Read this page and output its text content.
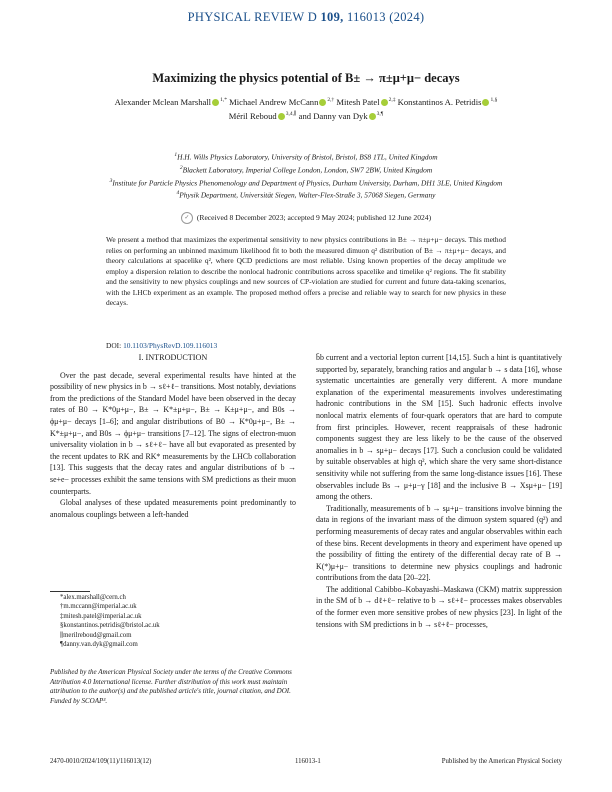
PHYSICAL REVIEW D 109, 116013 (2024)
Maximizing the physics potential of B± → π±μ+μ− decays
Alexander Mclean Marshall $^{1,*}$ Michael Andrew McCann $^{2,\dagger}$ Mitesh Patel $^{2,\ddagger}$ Konstantinos A. Petridis $^{1,\S}$
Méril Reboud $^{3,4,\parallel}$ and Danny van Dyk $^{3,\P}$
$^1$H.H. Wills Physics Laboratory, University of Bristol, Bristol, BS8 1TL, United Kingdom
$^2$Blackett Laboratory, Imperial College London, London, SW7 2BW, United Kingdom
$^3$Institute for Particle Physics Phenomenology and Department of Physics, Durham University, Durham, DH1 3LE, United Kingdom
$^4$Physik Department, Universität Siegen, Walter-Flex-Straße 3, 57068 Siegen, Germany
✓ (Received 8 December 2023; accepted 9 May 2024; published 12 June 2024)
We present a method that maximizes the experimental sensitivity to new physics contributions in B± → π±μ+μ− decays. This method relies on performing an unbinned maximum likelihood fit to both the measured dimuon q² distribution of B± → π±μ+μ− decays, and theory calculations at spacelike q², where QCD predictions are most reliable. Using known properties of the decay amplitude we employ a dispersion relation to describe the nonlocal hadronic contributions across spacelike and timelike q² regions. The fit stability and the sensitivity to new physics couplings and new sources of CP-violation are studied for current and future data-taking scenarios, with the LHCb experiment as an example. The proposed method offers a precise and reliable way to search for new physics in these decays.
DOI: 10.1103/PhysRevD.109.116013
I. INTRODUCTION

Over the past decade, several experimental results have hinted at the possibility of new physics in b → sℓ+ℓ− transitions. Most notably, deviations from the predictions of the Standard Model have been observed in the decay rates of B0 → K*0μ+μ−, B± → K*±μ+μ−, B± → K±μ+μ−, and B0s → ϕμ+μ− decays [1–6]; and angular distributions of B0 → K*0μ+μ−, B± → K*±μ+μ−, and B0s → ϕμ+μ− transitions [7–12]. The signs of electron-muon universality violation in b → sℓ+ℓ− have all but evaporated as presented by the recent updates to RK and RK* measurements by the LHCb collaboration [13]. This suggests that the decay rates and angular distributions of b → se+e− processes exhibit the same tensions with SM predictions as their muon counterparts.

Global analyses of these updated measurements point predominantly to anomalous couplings between a left-handed

b̄b current and a vectorial lepton current [14,15]. Such a hint is quantitatively supported by, separately, branching ratios and angular b → s data [16], whose systematic uncertainties are generally very different. A more mundane explanation of the experimental measurements involves underestimating hadronic contributions in the SM [15]. Such hadronic effects involve nonlocal matrix elements of four-quark operators that are hard to compute from first principles. However, recent reappraisals of these hadronic components suggest they are less likely to be the cause of the observed anomalies in b → sμ+μ− decays [17]. Such a conclusion could be validated by suitable observables at high q², which share the very same short-distance sensitivity while not suffering from the same long-distance issues [16]. These observables include Bs → μ+μ−γ [18] and the inclusive B → Xsμ+μ− [19] among the others.

Traditionally, measurements of b → sμ+μ− transitions involve binning the data in regions of the invariant mass of the dimuon system squared (q²) and performing measurements of decay rates and angular observables within each of these bins. Recent developments in theory and experiment have opened up the possibility of fitting the entirety of the differential decay rate of B → K(*)μ+μ− transitions to determine new physics couplings and hadronic contributions from the data [20–22].

The additional Cabibbo–Kobayashi–Maskawa (CKM) matrix suppression in the SM of b → dℓ+ℓ− relative to b → sℓ+ℓ− processes makes observables of the former even more sensitive probes of new physics [23]. In light of the tensions with SM predictions in b → sℓ+ℓ− processes,

*alex.marshall@cern.ch
†m.mccann@imperial.ac.uk
‡mitesh.patel@imperial.ac.uk
§konstantinos.petridis@bristol.ac.uk
∥merilreboud@gmail.com
¶danny.van.dyk@gmail.com
Published by the American Physical Society under the terms of the Creative Commons Attribution 4.0 International license. Further distribution of this work must maintain attribution to the author(s) and the published article's title, journal citation, and DOI. Funded by SCOAP³.
2470-0010/2024/109(11)/116013(12)	116013-1	Published by the American Physical Society
